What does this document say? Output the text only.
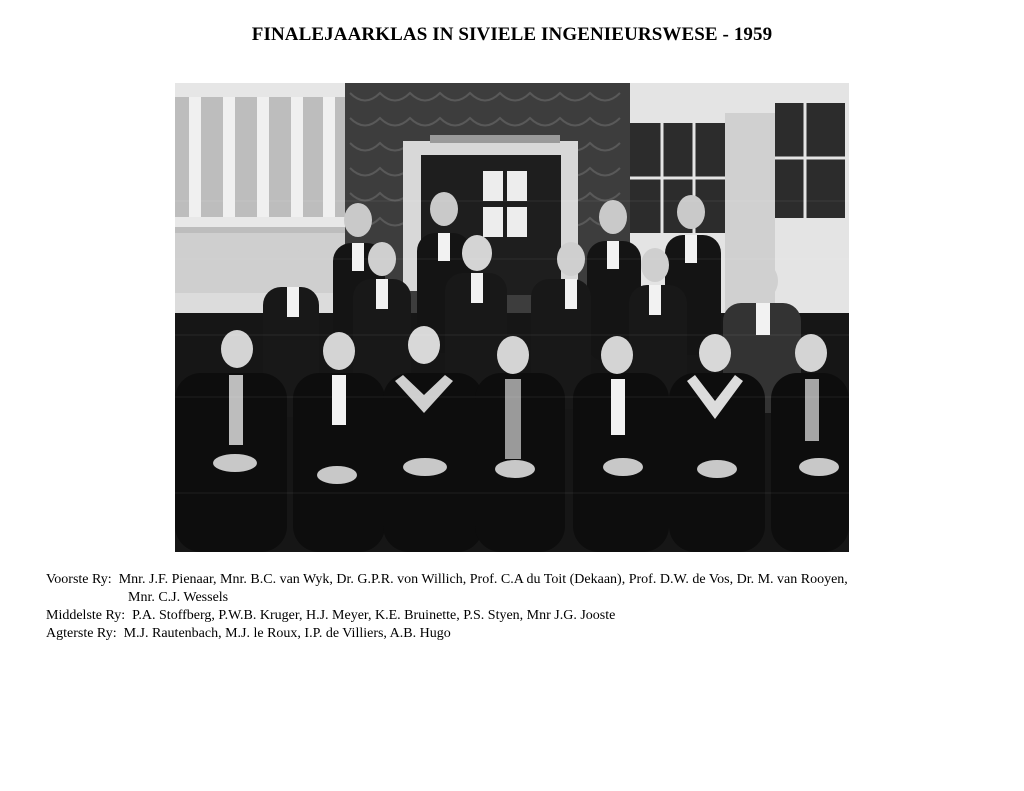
FINALEJAARKLAS IN SIVIELE INGENIEURSWESE - 1959
Voorste Ry: Mnr. J.F. Pienaar, Mnr. B.C. van Wyk, Dr. G.P.R. von Willich, Prof. C.A du Toit (Dekaan), Prof. D.W. de Vos, Dr. M. van Rooyen,
Mnr. C.J. Wessels
Middelste Ry: P.A. Stoffberg, P.W.B. Kruger, H.J. Meyer, K.E. Bruinette, P.S. Styen, Mnr J.G. Jooste
Agterste Ry: M.J. Rautenbach, M.J. le Roux, I.P. de Villiers, A.B. Hugo
